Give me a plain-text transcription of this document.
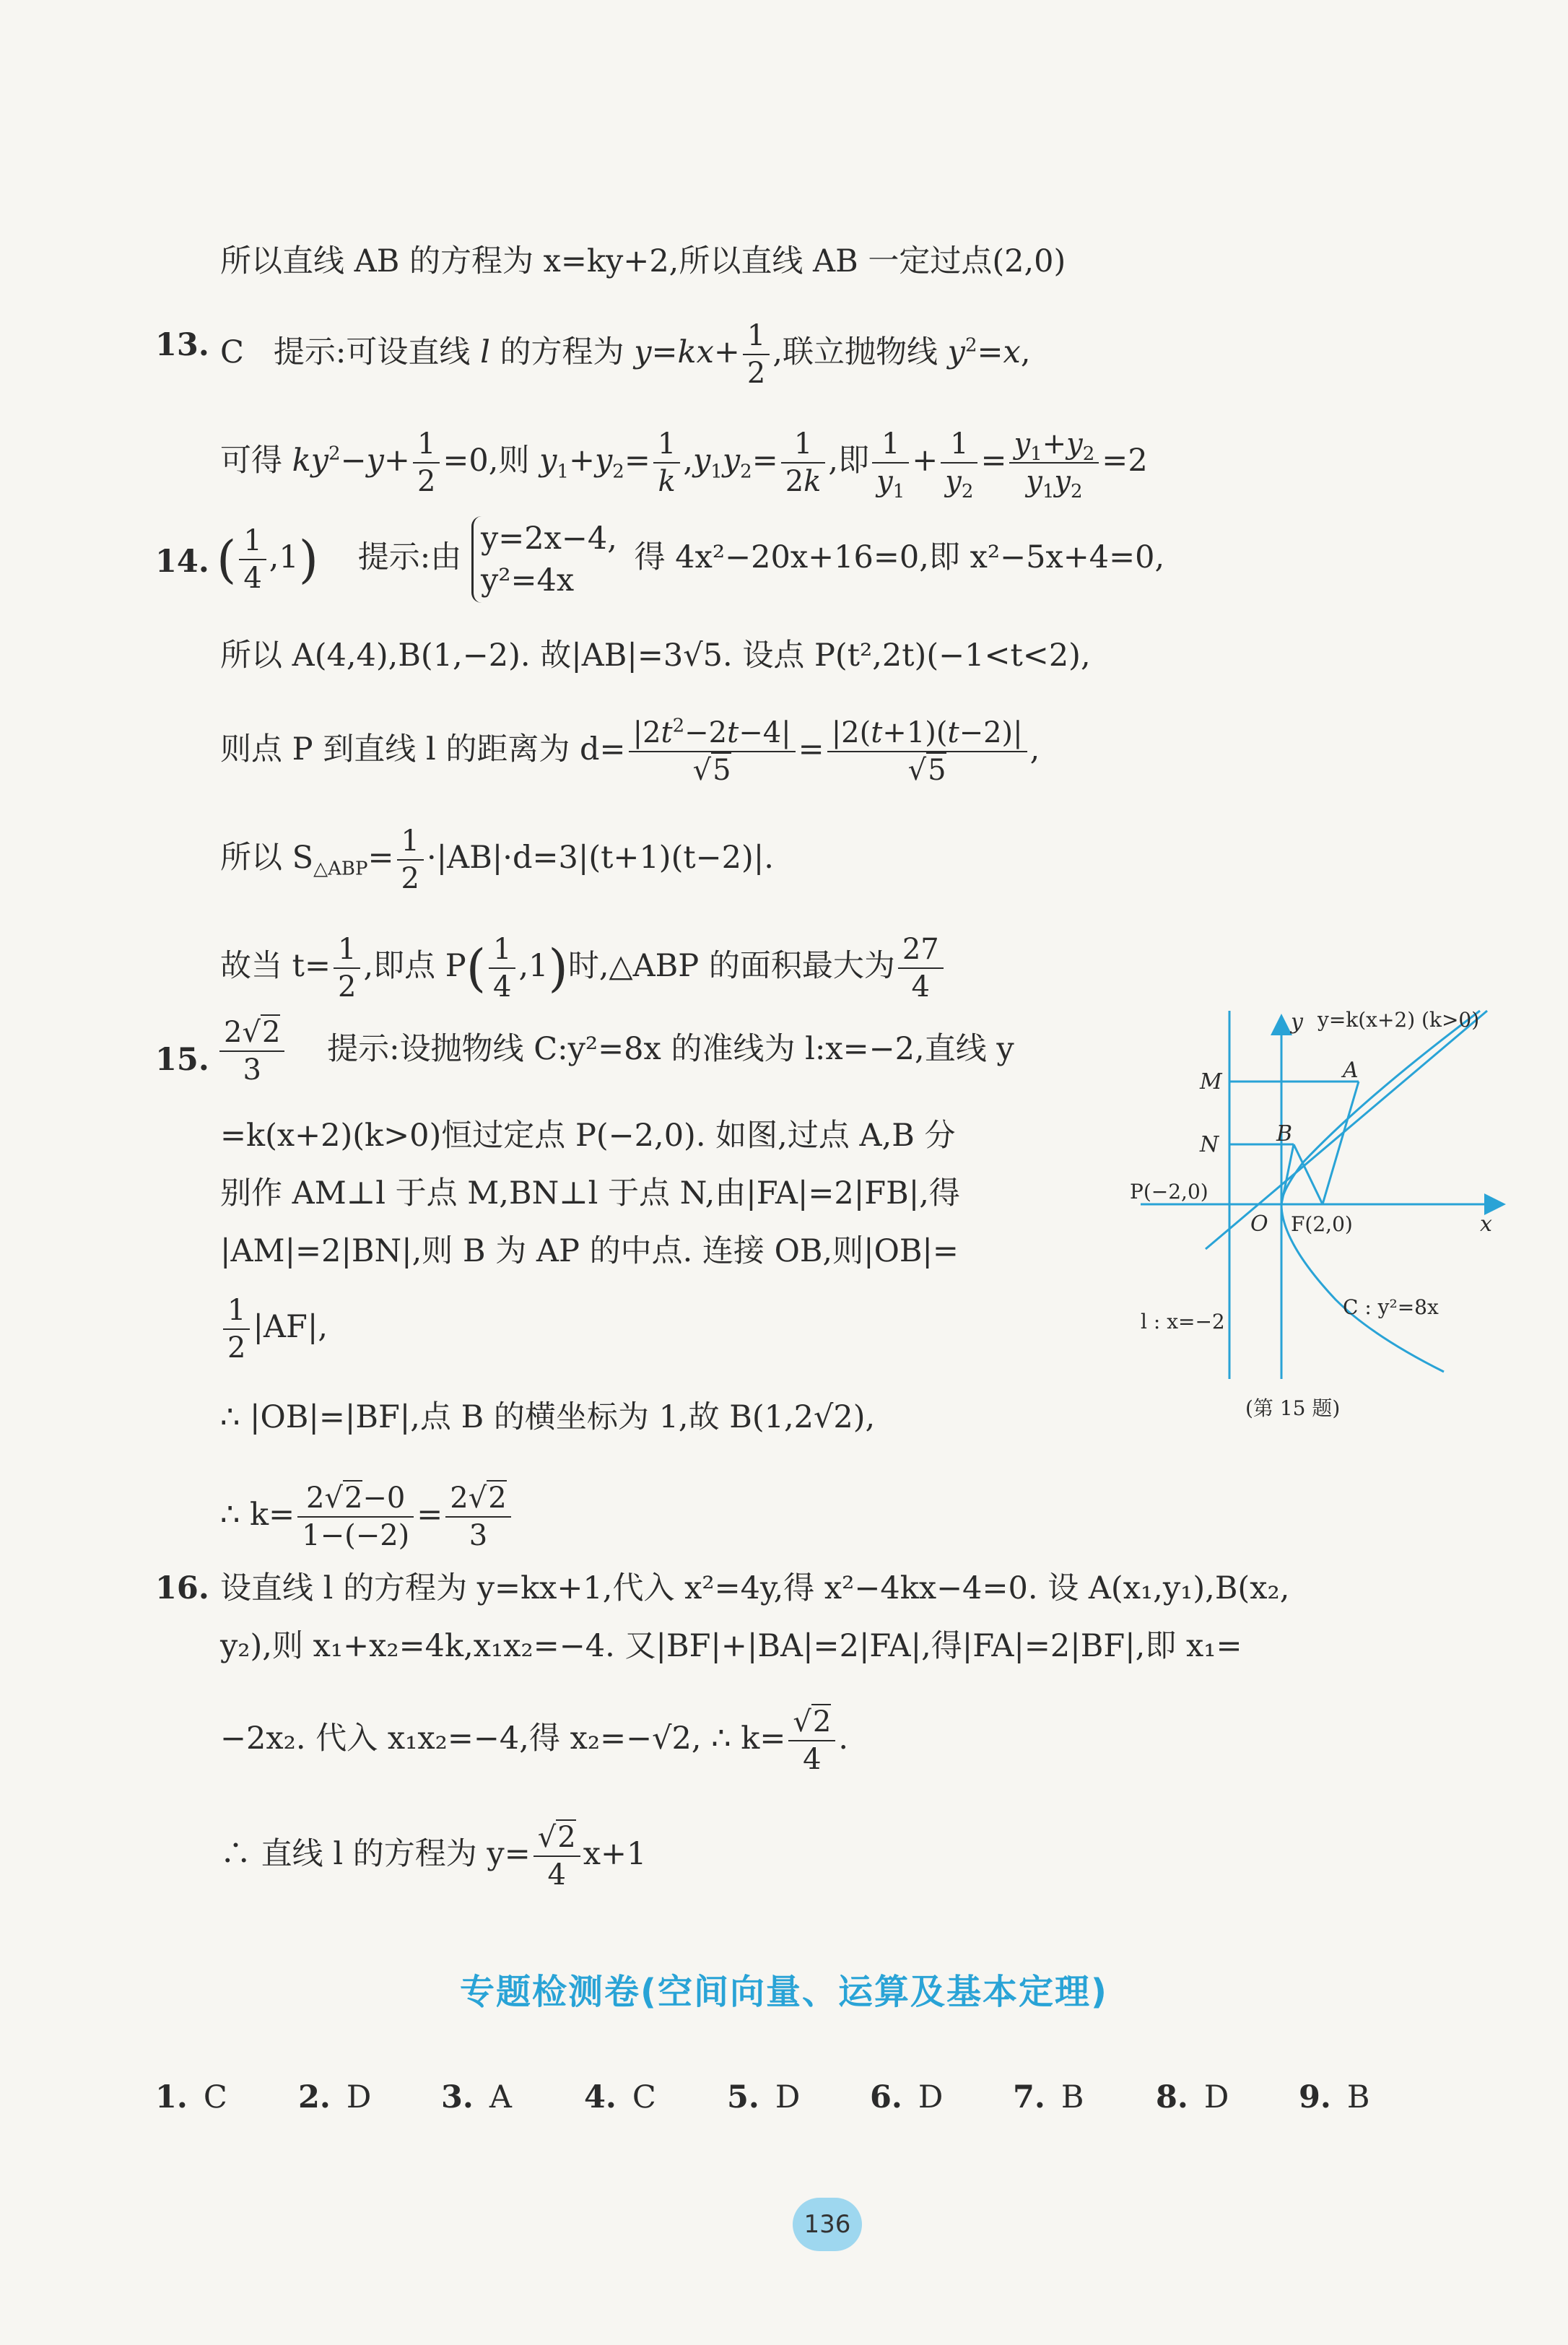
所以直线 AB 的方程为 x=ky+2,所以直线 AB 一定过点(2,0)
13. C 提示:可设直线 l 的方程为 $y=kx+ \frac{1}{2}$ ,联立抛物线 $y^2=x$,
可得 $ky^2-y+ \frac{1}{2} =0$,则 $y_1+y_2= \frac{1}{k} ,y_1y_2= \frac{1}{2k}$ ,即 $\frac{1}{y_1} + \frac{1}{y_2} = \frac{y_1+y_2}{y_1y_2} =2$
14. ( $\frac{1}{4} ,1$) 提示:由
y=2x−4,
y²=4x
得 4x²−20x+16=0,即 x²−5x+4=0,
所以 A(4,4),B(1,−2). 故|AB|=3√5. 设点 P(t²,2t)(−1<t<2),
则点 P 到直线 l 的距离为 $d= \frac{|2t^2-2t-4|}{√5} = \frac{|2(t+1)(t-2)|}{√5}$ ,
所以 $S_{\triangle ABP}= \frac{1}{2} \cdot|AB|\cdot d=3|(t+1)(t-2)|$.
故当 $t= \frac{1}{2}$ ,即点 $P( \frac{1}{4} ,1)$时,△ABP 的面积最大为 $\frac{27}{4}$
15. $\frac{2√2}{3}$ 提示:设抛物线 C:y²=8x 的准线为 l:x=−2,直线 y
=k(x+2)(k>0)恒过定点 P(−2,0). 如图,过点 A,B 分
别作 AM⊥l 于点 M,BN⊥l 于点 N,由|FA|=2|FB|,得
|AM|=2|BN|,则 B 为 AP 的中点. 连接 OB,则|OB|=
$\frac{1}{2} |AF|$,
∴ |OB|=|BF|,点 B 的横坐标为 1,故 B(1,2√2),
∴ $k= \frac{2√2-0}{1-(-2)} = \frac{2√2}{3}$
y=k(x+2) (k>0)
y
x
M
N
A
B
P(−2,0)
O F(2,0)
C : y²=8x
l : x=−2
(第 15 题)
16. 设直线 l 的方程为 y=kx+1,代入 x²=4y,得 x²−4kx−4=0. 设 A(x₁,y₁),B(x₂,
y₂),则 x₁+x₂=4k,x₁x₂=−4. 又|BF|+|BA|=2|FA|,得|FA|=2|BF|,即 x₁=
−2x₂. 代入 x₁x₂=−4,得 x₂=−√2, ∴ $k= \frac{√2}{4}$ .
∴ 直线 l 的方程为 $y= \frac{√2}{4} x+1$
专题检测卷(空间向量、运算及基本定理)
1. C 2. D 3. A 4. C 5. D 6. D 7. B 8. D 9. B
136
